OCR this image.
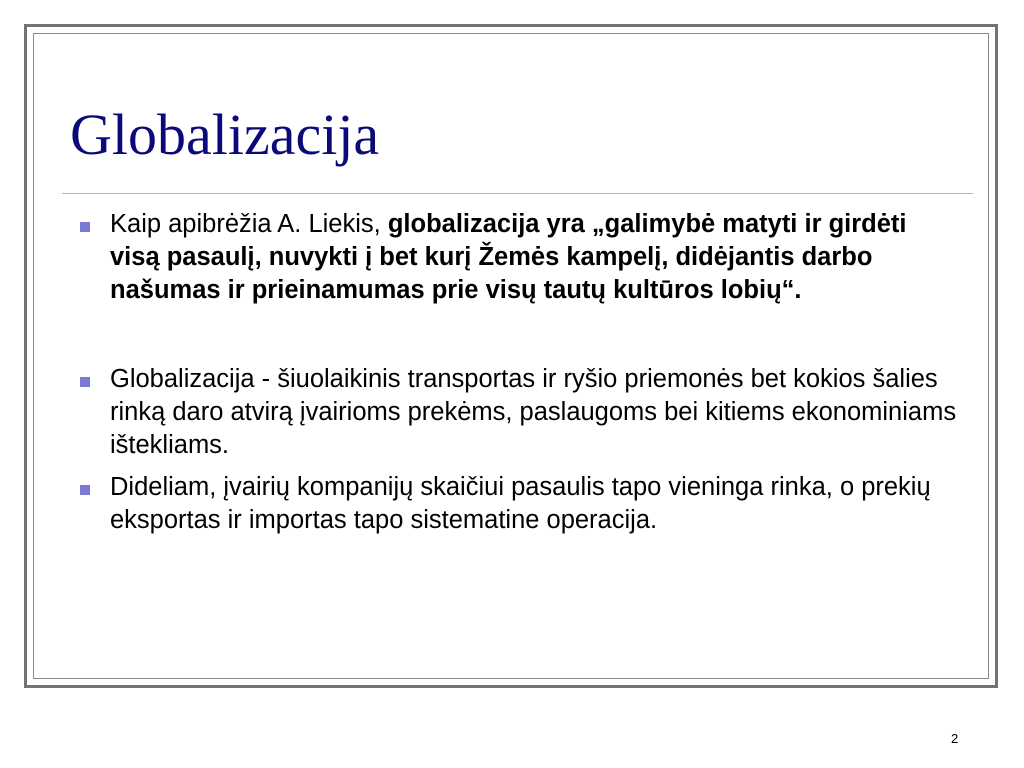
Globalizacija
Kaip apibrėžia A. Liekis, globalizacija yra „galimybė matyti ir girdėti visą pasaulį, nuvykti į bet kurį Žemės kampelį, didėjantis darbo našumas ir prieinamumas prie visų tautų kultūros lobių“.
Globalizacija - šiuolaikinis transportas ir ryšio priemonės bet kokios šalies rinką daro atvirą įvairioms prekėms, paslaugoms bei kitiems ekonominiams ištekliams.
Dideliam, įvairių kompanijų skaičiui pasaulis tapo vieninga rinka, o prekių eksportas ir importas tapo sistematine operacija.
2
